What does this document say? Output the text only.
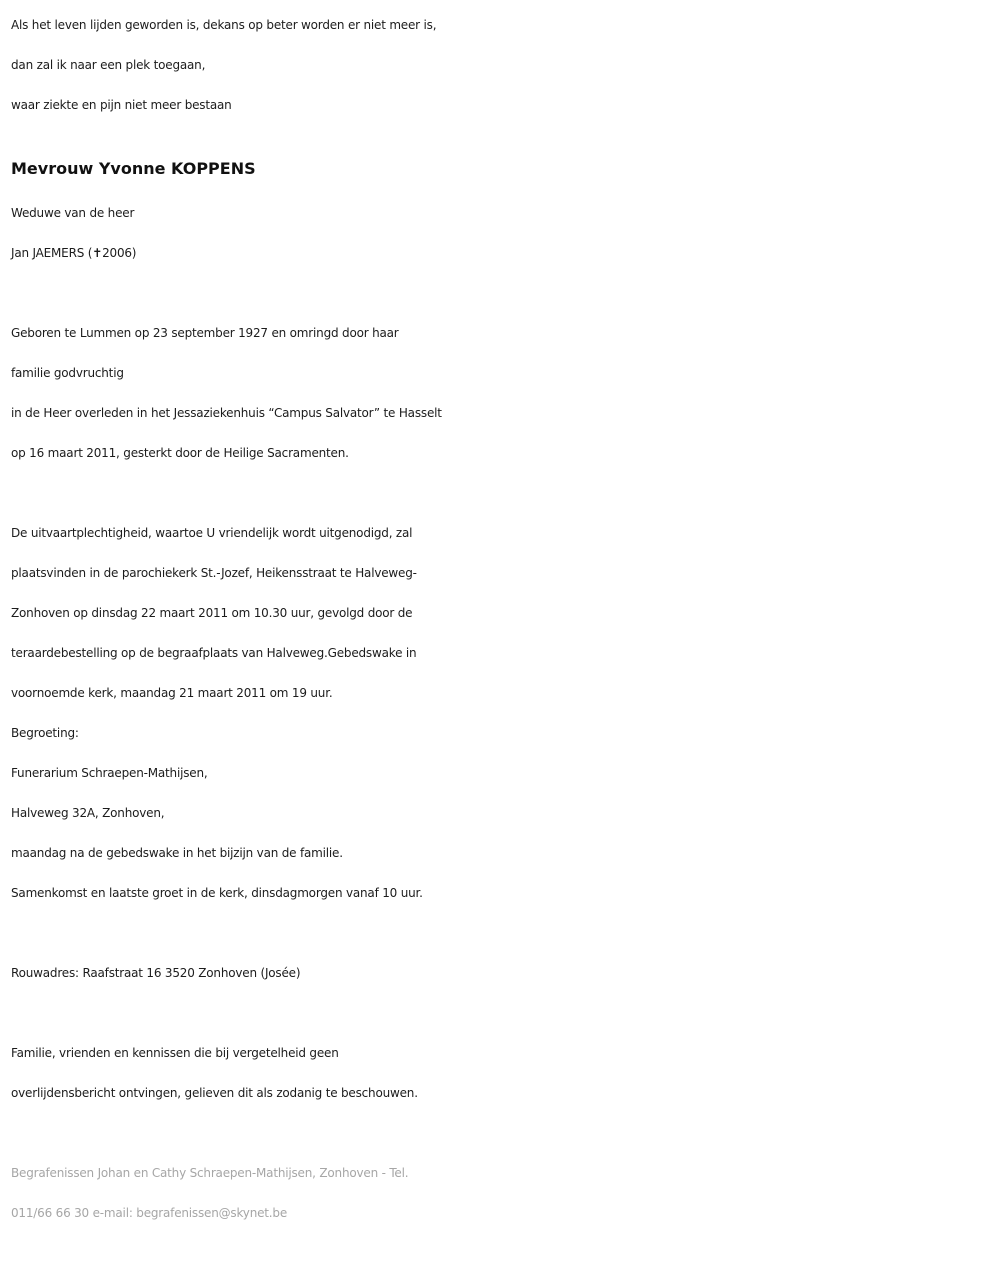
Als het leven lijden geworden is, dekans op beter worden er niet meer is,
dan zal ik naar een plek toegaan,
waar ziekte en pijn niet meer bestaan
Mevrouw Yvonne KOPPENS
Weduwe van de heer
Jan JAEMERS (✝2006)
Geboren te Lummen op 23 september 1927 en omringd door haar
familie godvruchtig
in de Heer overleden in het Jessaziekenhuis “Campus Salvator” te Hasselt
op 16 maart 2011, gesterkt door de Heilige Sacramenten.
De uitvaartplechtigheid, waartoe U vriendelijk wordt uitgenodigd, zal
plaatsvinden in de parochiekerk St.-Jozef, Heikensstraat te Halveweg-
Zonhoven op dinsdag 22 maart 2011 om 10.30 uur, gevolgd door de
teraardebestelling op de begraafplaats van Halveweg.Gebedswake in
voornoemde kerk, maandag 21 maart 2011 om 19 uur.
Begroeting:
Funerarium Schraepen-Mathijsen,
Halveweg 32A, Zonhoven,
maandag na de gebedswake in het bijzijn van de familie.
Samenkomst en laatste groet in de kerk, dinsdagmorgen vanaf 10 uur.
Rouwadres: Raafstraat 16 3520 Zonhoven (Josée)
Familie, vrienden en kennissen die bij vergetelheid geen
overlijdensbericht ontvingen, gelieven dit als zodanig te beschouwen.
Begrafenissen Johan en Cathy Schraepen-Mathijsen, Zonhoven - Tel.
011/66 66 30 e-mail: begrafenissen@skynet.be
